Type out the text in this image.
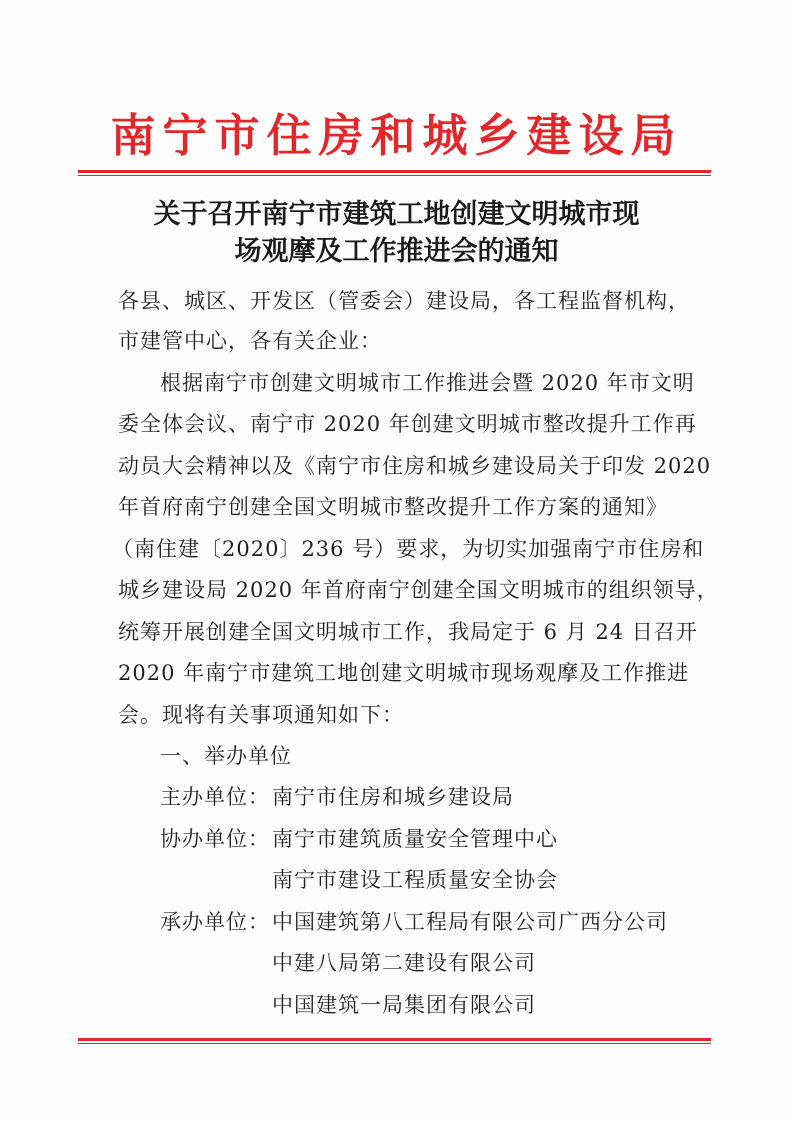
南宁市住房和城乡建设局
关于召开南宁市建筑工地创建文明城市现
场观摩及工作推进会的通知
各县、城区、开发区（管委会）建设局，各工程监督机构，
市建管中心，各有关企业：
根据南宁市创建文明城市工作推进会暨 2020 年市文明
委全体会议、南宁市 2020 年创建文明城市整改提升工作再
动员大会精神以及《南宁市住房和城乡建设局关于印发 2020
年首府南宁创建全国文明城市整改提升工作方案的通知》
（南住建〔2020〕236 号）要求，为切实加强南宁市住房和
城乡建设局 2020 年首府南宁创建全国文明城市的组织领导，
统筹开展创建全国文明城市工作，我局定于 6 月 24 日召开
2020 年南宁市建筑工地创建文明城市现场观摩及工作推进
会。现将有关事项通知如下：
一、举办单位
主办单位： 南宁市住房和城乡建设局
协办单位： 南宁市建筑质量安全管理中心
南宁市建设工程质量安全协会
承办单位： 中国建筑第八工程局有限公司广西分公司
中建八局第二建设有限公司
中国建筑一局集团有限公司
